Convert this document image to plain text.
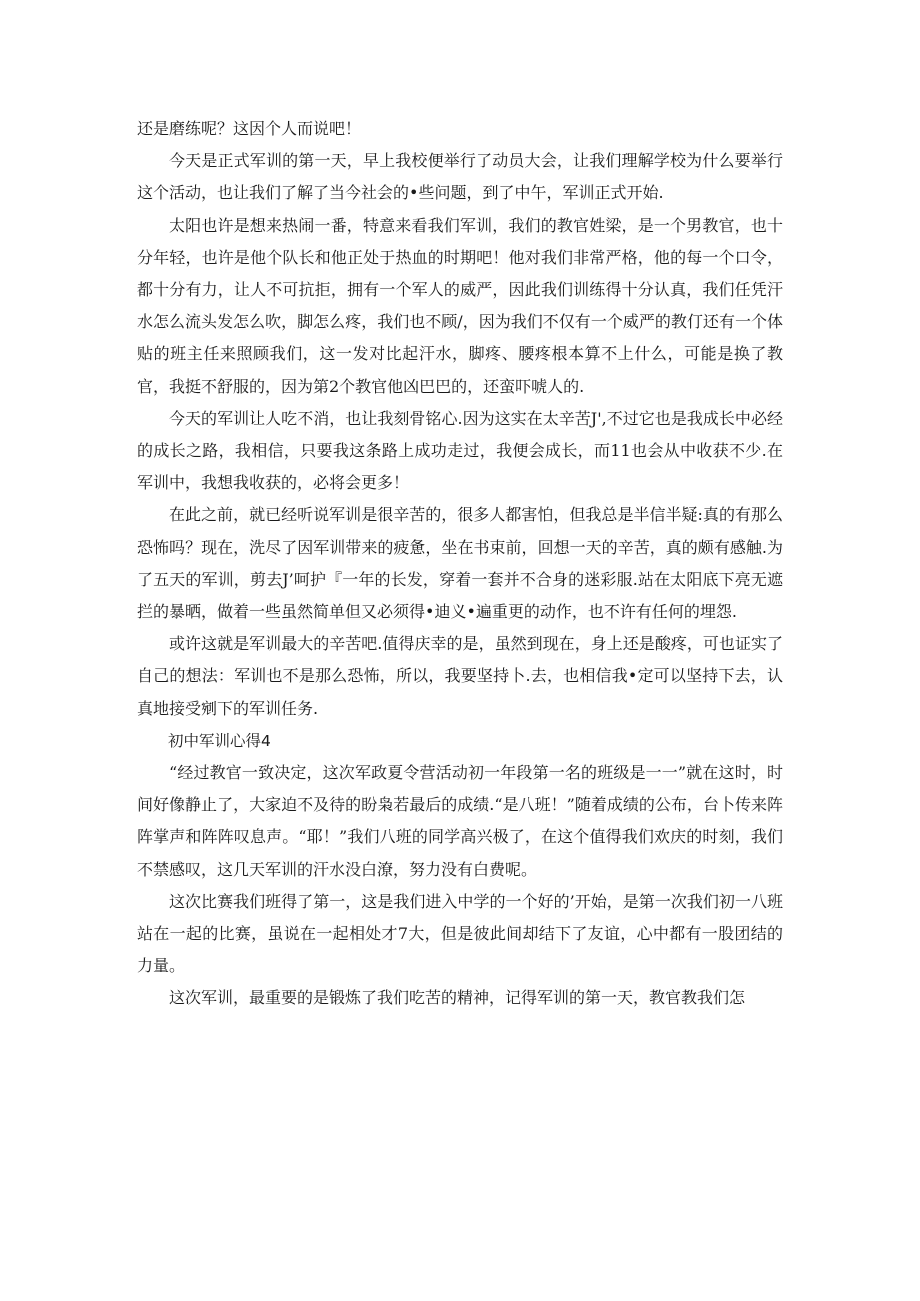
还是磨练呢？这因个人而说吧！

今天是正式军训的第一天，早上我校便举行了动员大会，让我们理解学校为什么要举行这个活动，也让我们了解了当今社会的•些问题，到了中午，军训正式开始.

太阳也许是想来热闹一番，特意来看我们军训，我们的教官姓梁，是一个男教官，也十分年轻，也许是他个队长和他正处于热血的时期吧！他对我们非常严格，他的每一个口令，都十分有力，让人不可抗拒，拥有一个军人的威严，因此我们训练得十分认真，我们任凭汗水怎么流头发怎么吹，脚怎么疼，我们也不顾/，因为我们不仅有一个威严的教仃还有一个体贴的班主任来照顾我们，这一发对比起汗水，脚疼、腰疼根本算不上什么，可能是换了教官，我挺不舒服的，因为第2个教官他凶巴巴的，还蛮吓唬人的.

今天的军训让人吃不消，也让我刻骨铭心.因为这实在太辛苦J',不过它也是我成长中必经的成长之路，我相信，只要我这条路上成功走过，我便会成长，而11也会从中收获不少.在军训中，我想我收获的，必将会更多！

在此之前，就已经听说军训是很辛苦的，很多人都害怕，但我总是半信半疑:真的有那么恐怖吗？现在，洗尽了因军训带来的疲惫，坐在书束前，回想一天的辛苦，真的颇有感触.为了五天的军训，剪去J’呵护『一年的长发，穿着一套并不合身的迷彩服.站在太阳底下亮无遮拦的暴晒，做着一些虽然简单但又必须得•迪义•遍重更的动作，也不许有任何的埋怨.

或许这就是军训最大的辛苦吧.值得庆幸的是，虽然到现在，身上还是酸疼，可也证实了自己的想法：军训也不是那么恐怖，所以，我要坚持卜.去，也相信我•定可以坚持下去，认真地接受剜下的军训任务.

初中军训心得4

“经过教官一致决定，这次军政夏令营活动初一年段第一名的班级是一一”就在这时，时间好像静止了，大家迫不及待的盼枭若最后的成绩.“是八班！”随着成绩的公布，台卜传来阵阵掌声和阵阵叹息声。“耶！”我们八班的同学高兴极了，在这个值得我们欢庆的时刻，我们不禁感叹，这几天军训的汗水没白潦，努力没有白费呢。

这次比赛我们班得了第一，这是我们进入中学的一个好的’开始，是第一次我们初一八班站在一起的比赛，虽说在一起相处才7大，但是彼此间却结下了友谊，心中都有一股团结的力量。

这次军训，最重要的是锻炼了我们吃苦的精神，记得军训的第一天，教官教我们怎
